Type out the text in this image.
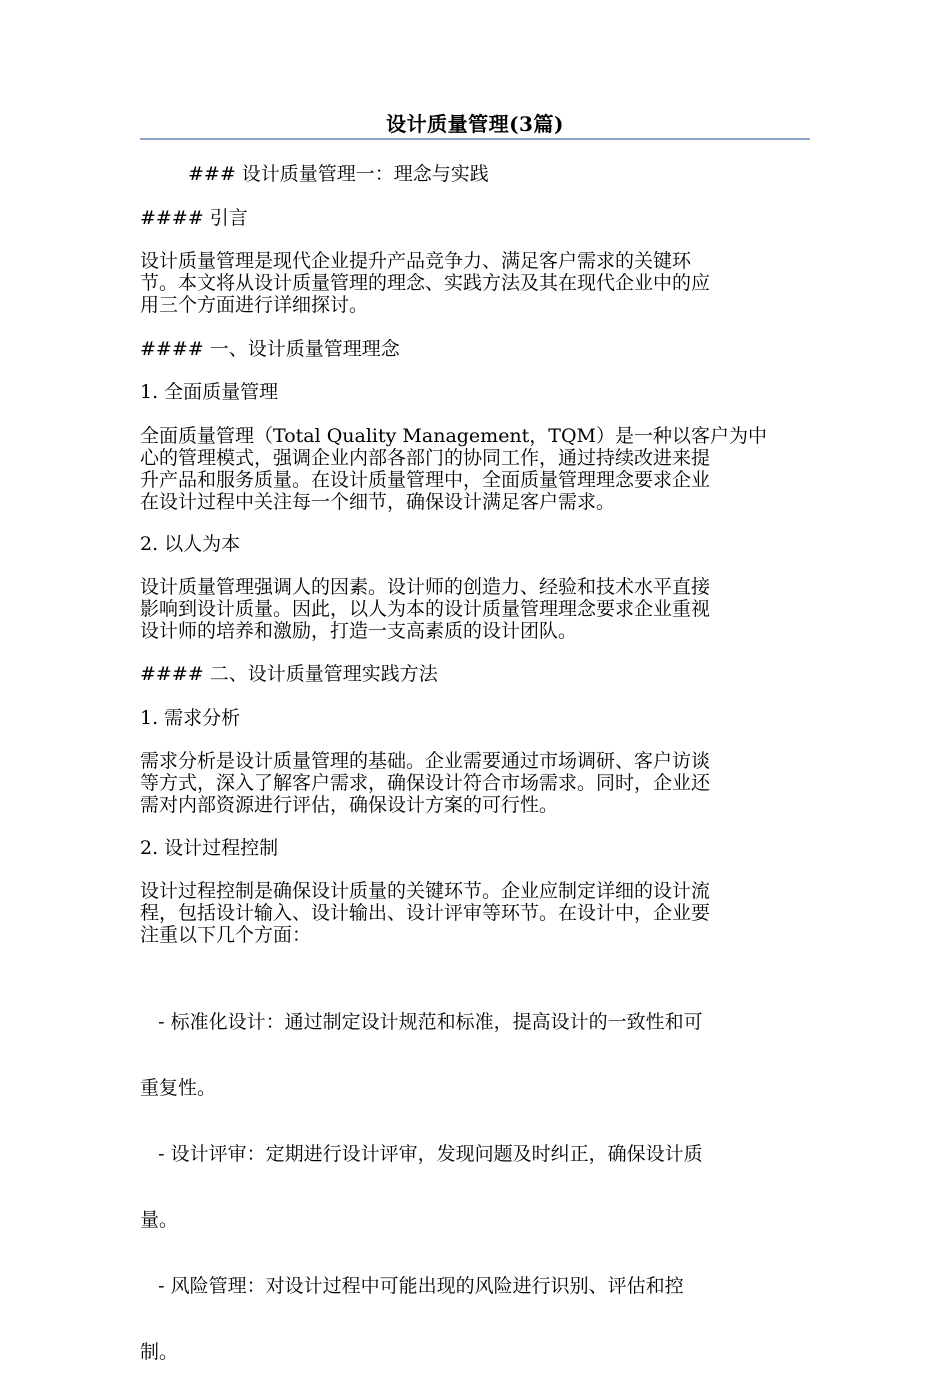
设计质量管理(3篇)

### 设计质量管理一：理念与实践

#### 引言

设计质量管理是现代企业提升产品竞争力、满足客户需求的关键环
节。本文将从设计质量管理的理念、实践方法及其在现代企业中的应
用三个方面进行详细探讨。

#### 一、设计质量管理理念

1. 全面质量管理

全面质量管理（Total Quality Management，TQM）是一种以客户为中
心的管理模式，强调企业内部各部门的协同工作，通过持续改进来提
升产品和服务质量。在设计质量管理中，全面质量管理理念要求企业
在设计过程中关注每一个细节，确保设计满足客户需求。

2. 以人为本

设计质量管理强调人的因素。设计师的创造力、经验和技术水平直接
影响到设计质量。因此，以人为本的设计质量管理理念要求企业重视
设计师的培养和激励，打造一支高素质的设计团队。

#### 二、设计质量管理实践方法

1. 需求分析

需求分析是设计质量管理的基础。企业需要通过市场调研、客户访谈
等方式，深入了解客户需求，确保设计符合市场需求。同时，企业还
需对内部资源进行评估，确保设计方案的可行性。

2. 设计过程控制

设计过程控制是确保设计质量的关键环节。企业应制定详细的设计流
程，包括设计输入、设计输出、设计评审等环节。在设计中，企业要
注重以下几个方面：

- 标准化设计：通过制定设计规范和标准，提高设计的一致性和可

重复性。

- 设计评审：定期进行设计评审，发现问题及时纠正，确保设计质

量。

- 风险管理：对设计过程中可能出现的风险进行识别、评估和控

制。
